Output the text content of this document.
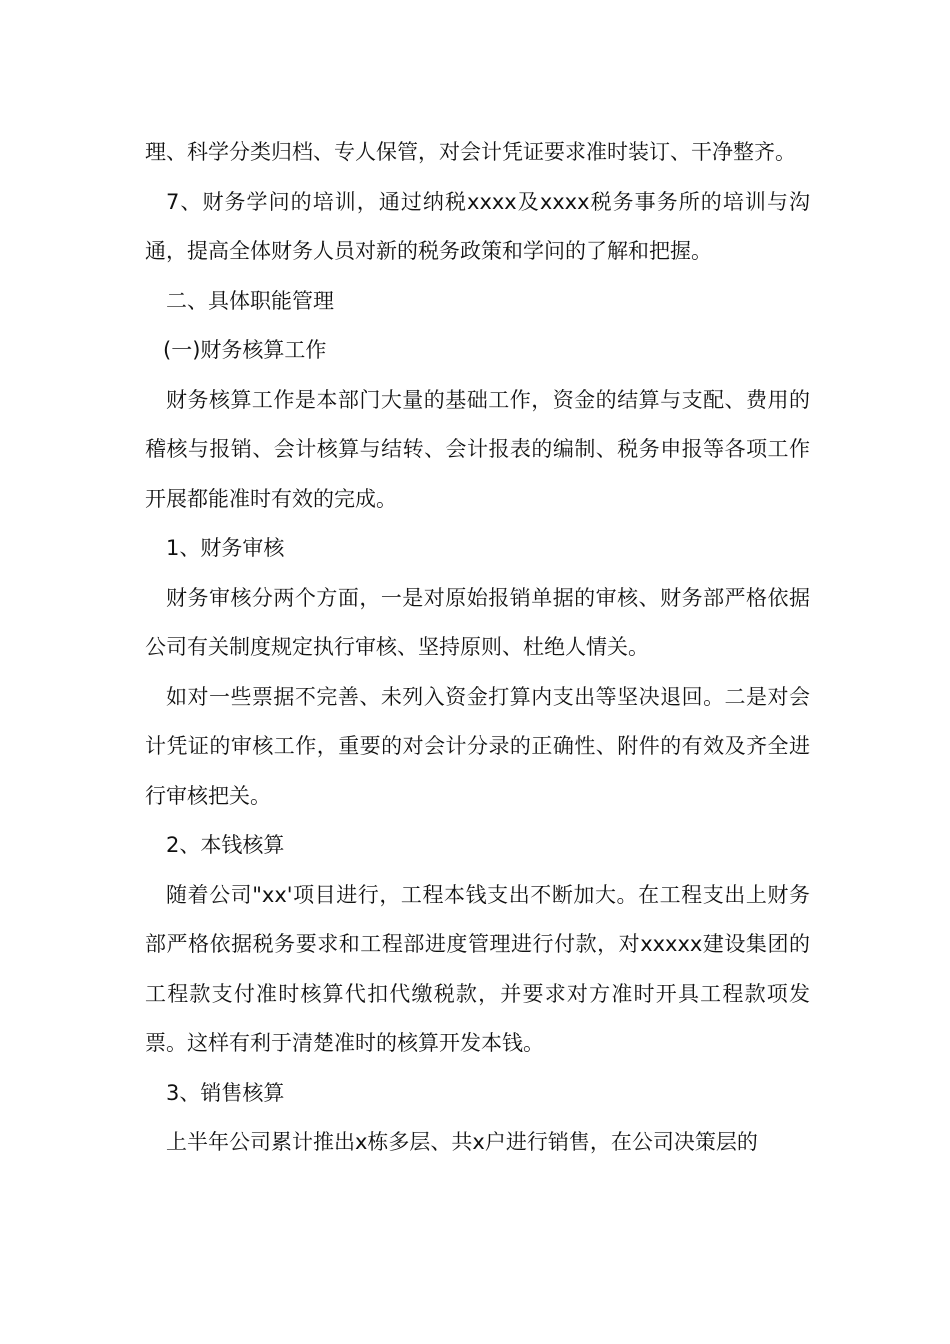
理、科学分类归档、专人保管，对会计凭证要求准时装订、干净整齐。

7、财务学问的培训，通过纳税xxxx及xxxx税务事务所的培训与沟通，提高全体财务人员对新的税务政策和学问的了解和把握。

二、具体职能管理

(一)财务核算工作

财务核算工作是本部门大量的基础工作，资金的结算与支配、费用的稽核与报销、会计核算与结转、会计报表的编制、税务申报等各项工作开展都能准时有效的完成。

1、财务审核

财务审核分两个方面，一是对原始报销单据的审核、财务部严格依据公司有关制度规定执行审核、坚持原则、杜绝人情关。

如对一些票据不完善、未列入资金打算内支出等坚决退回。二是对会计凭证的审核工作，重要的对会计分录的正确性、附件的有效及齐全进行审核把关。

2、本钱核算

随着公司"xx'项目进行，工程本钱支出不断加大。在工程支出上财务部严格依据税务要求和工程部进度管理进行付款，对xxxxx建设集团的工程款支付准时核算代扣代缴税款，并要求对方准时开具工程款项发票。这样有利于清楚准时的核算开发本钱。

3、销售核算

上半年公司累计推出x栋多层、共x户进行销售，在公司决策层的
